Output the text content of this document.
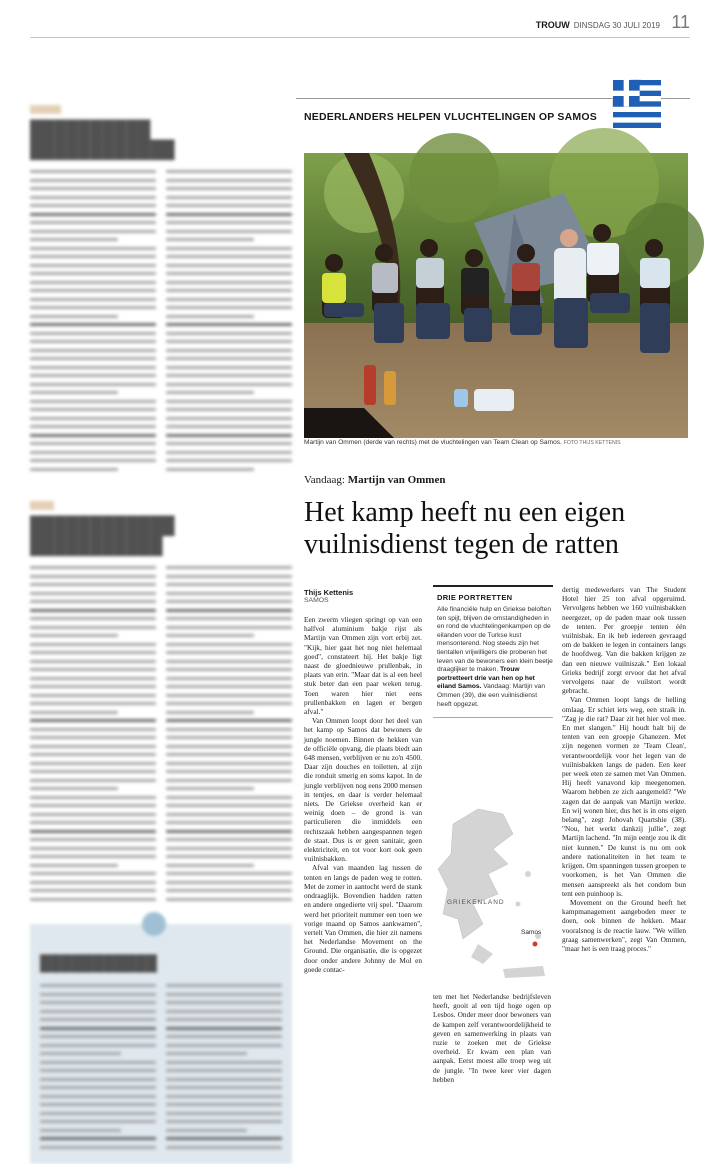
TROUW DINSDAG 30 JULI 2019 11

██████████
████████████

████████████
███████████
███████████
NEDERLANDERS HELPEN VLUCHTELINGEN OP SAMOS
Martijn van Ommen (derde van rechts) met de vluchtelingen van Team Clean op Samos. FOTO THIJS KETTENIS
Vandaag: Martijn van Ommen
Het kamp heeft nu een eigen vuilnisdienst tegen de ratten
Thijs Kettenis
SAMOS

Een zwerm vliegen springt op van een halfvol aluminium bakje rijst als Martijn van Ommen zijn vort erbij zet. "Kijk, hier gaat het nog niet helemaal goed", constateert hij. Het bakje ligt naast de gloednieuwe prullenbak, in plaats van erin. "Maar dat is al een heel stuk beter dan een paar weken terug. Toen waren hier niet eens prullenbakken en lagen er bergen afval."

Van Ommen loopt door het deel van het kamp op Samos dat bewoners de jungle noemen. Binnen de hekken van de officiële opvang, die plaats biedt aan 648 mensen, verblijven er nu zo'n 4500. Daar zijn douches en toiletten, al zijn die ronduit smerig en soms kapot. In de jungle verblijven nog eens 2000 mensen in tentjes, en daar is verder helemaal niets. De Griekse overheid kan er weinig doen – de grond is van particulieren die inmiddels een rechtszaak hebben aangespannen tegen de staat. Dus is er geen sanitair, geen elektriciteit, en tot voor kort ook geen vuilnisbakken.

Afval van maanden lag tussen de tenten en langs de paden weg te rotten. Met de zomer in aantocht werd de stank ondraaglijk. Bovendien hadden ratten en andere ongedierte vrij spel. "Daarom werd het prioriteit nummer een toen we vorige maand op Samos aankwamen", vertelt Van Ommen, die hier zit namens het Nederlandse Movement on the Ground. Die organisatie, die is opgezet door onder andere Johnny de Mol en goede contac-

DRIE PORTRETTEN

Alle financiële hulp en Griekse beloften ten spijt, blijven de omstandigheden in en rond de vluchtelingenkampen op de eilanden voor de Turkse kust mensonterend. Nog steeds zijn het tientallen vrijwilligers die proberen het leven van de bewoners een klein beetje draaglijker te maken. Trouw portretteert drie van hen op het eiland Samos. Vandaag: Martijn van Ommen (39), die een vuilnisdienst heeft opgezet.

GRIEKENLAND
Samos

ten met het Nederlandse bedrijfsleven heeft, gooit al een tijd hoge ogen op Lesbos. Onder meer door bewoners van de kampen zelf verantwoordelijkheid te geven en samenwerking in plaats van ruzie te zoeken met de Griekse overheid. Er kwam een plan van aanpak. Eerst moest alle troep weg uit de jungle. "In twee keer vier dagen hebben

dertig medewerkers van The Student Hotel hier 25 ton afval opgeruimd. Vervolgens hebben we 160 vuilnisbakken neergezet, op de paden maar ook tussen de tenten. Per groepje tenten één vuilnisbak. En ik heb iedereen gevraagd om de bakken te legen in containers langs de hoofdweg. Van die bakken krijgen ze dan een nieuwe vuilniszak." Een lokaal Grieks bedrijf zorgt ervoor dat het afval vervolgens naar de vuilstort wordt gebracht.

Van Ommen loopt langs de helling omlaag. Er schiet iets weg, een straik in. "Zag je die rat? Daar zit het hier vol mee. En met slangen." Hij houdt halt bij de tenten van een groepje Ghanezen. Met zijn negenen vormen ze 'Team Clean', verantwoordelijk voor het legen van de vuilnisbakken langs de paden. Een keer per week eten ze samen met Van Ommen. Hij heeft vanavond kip meegenomen. Waarom hebben ze zich aangemeld? "We zagen dat de aanpak van Martijn werkte. En wij wonen hier, dus het is in ons eigen belang", zegt Johovah Quartshie (38). "Nou, het werkt dankzij jullie", zegt Martijn lachend. "In mijn eentje zou ik dit niet kunnen." De kunst is nu om ook andere nationaliteiten in het team te krijgen. Om spanningen tussen groepen te voorkomen, is het Van Ommen die mensen aanspreekt als het condom bun tent een puinhoop is.

Movement on the Ground heeft het kampmanagement aangeboden meer te doen, ook binnen de hekken. Maar vooralsnog is de reactie lauw. "We willen graag samenwerken", zegt Van Ommen, "maar het is een traag proces."
